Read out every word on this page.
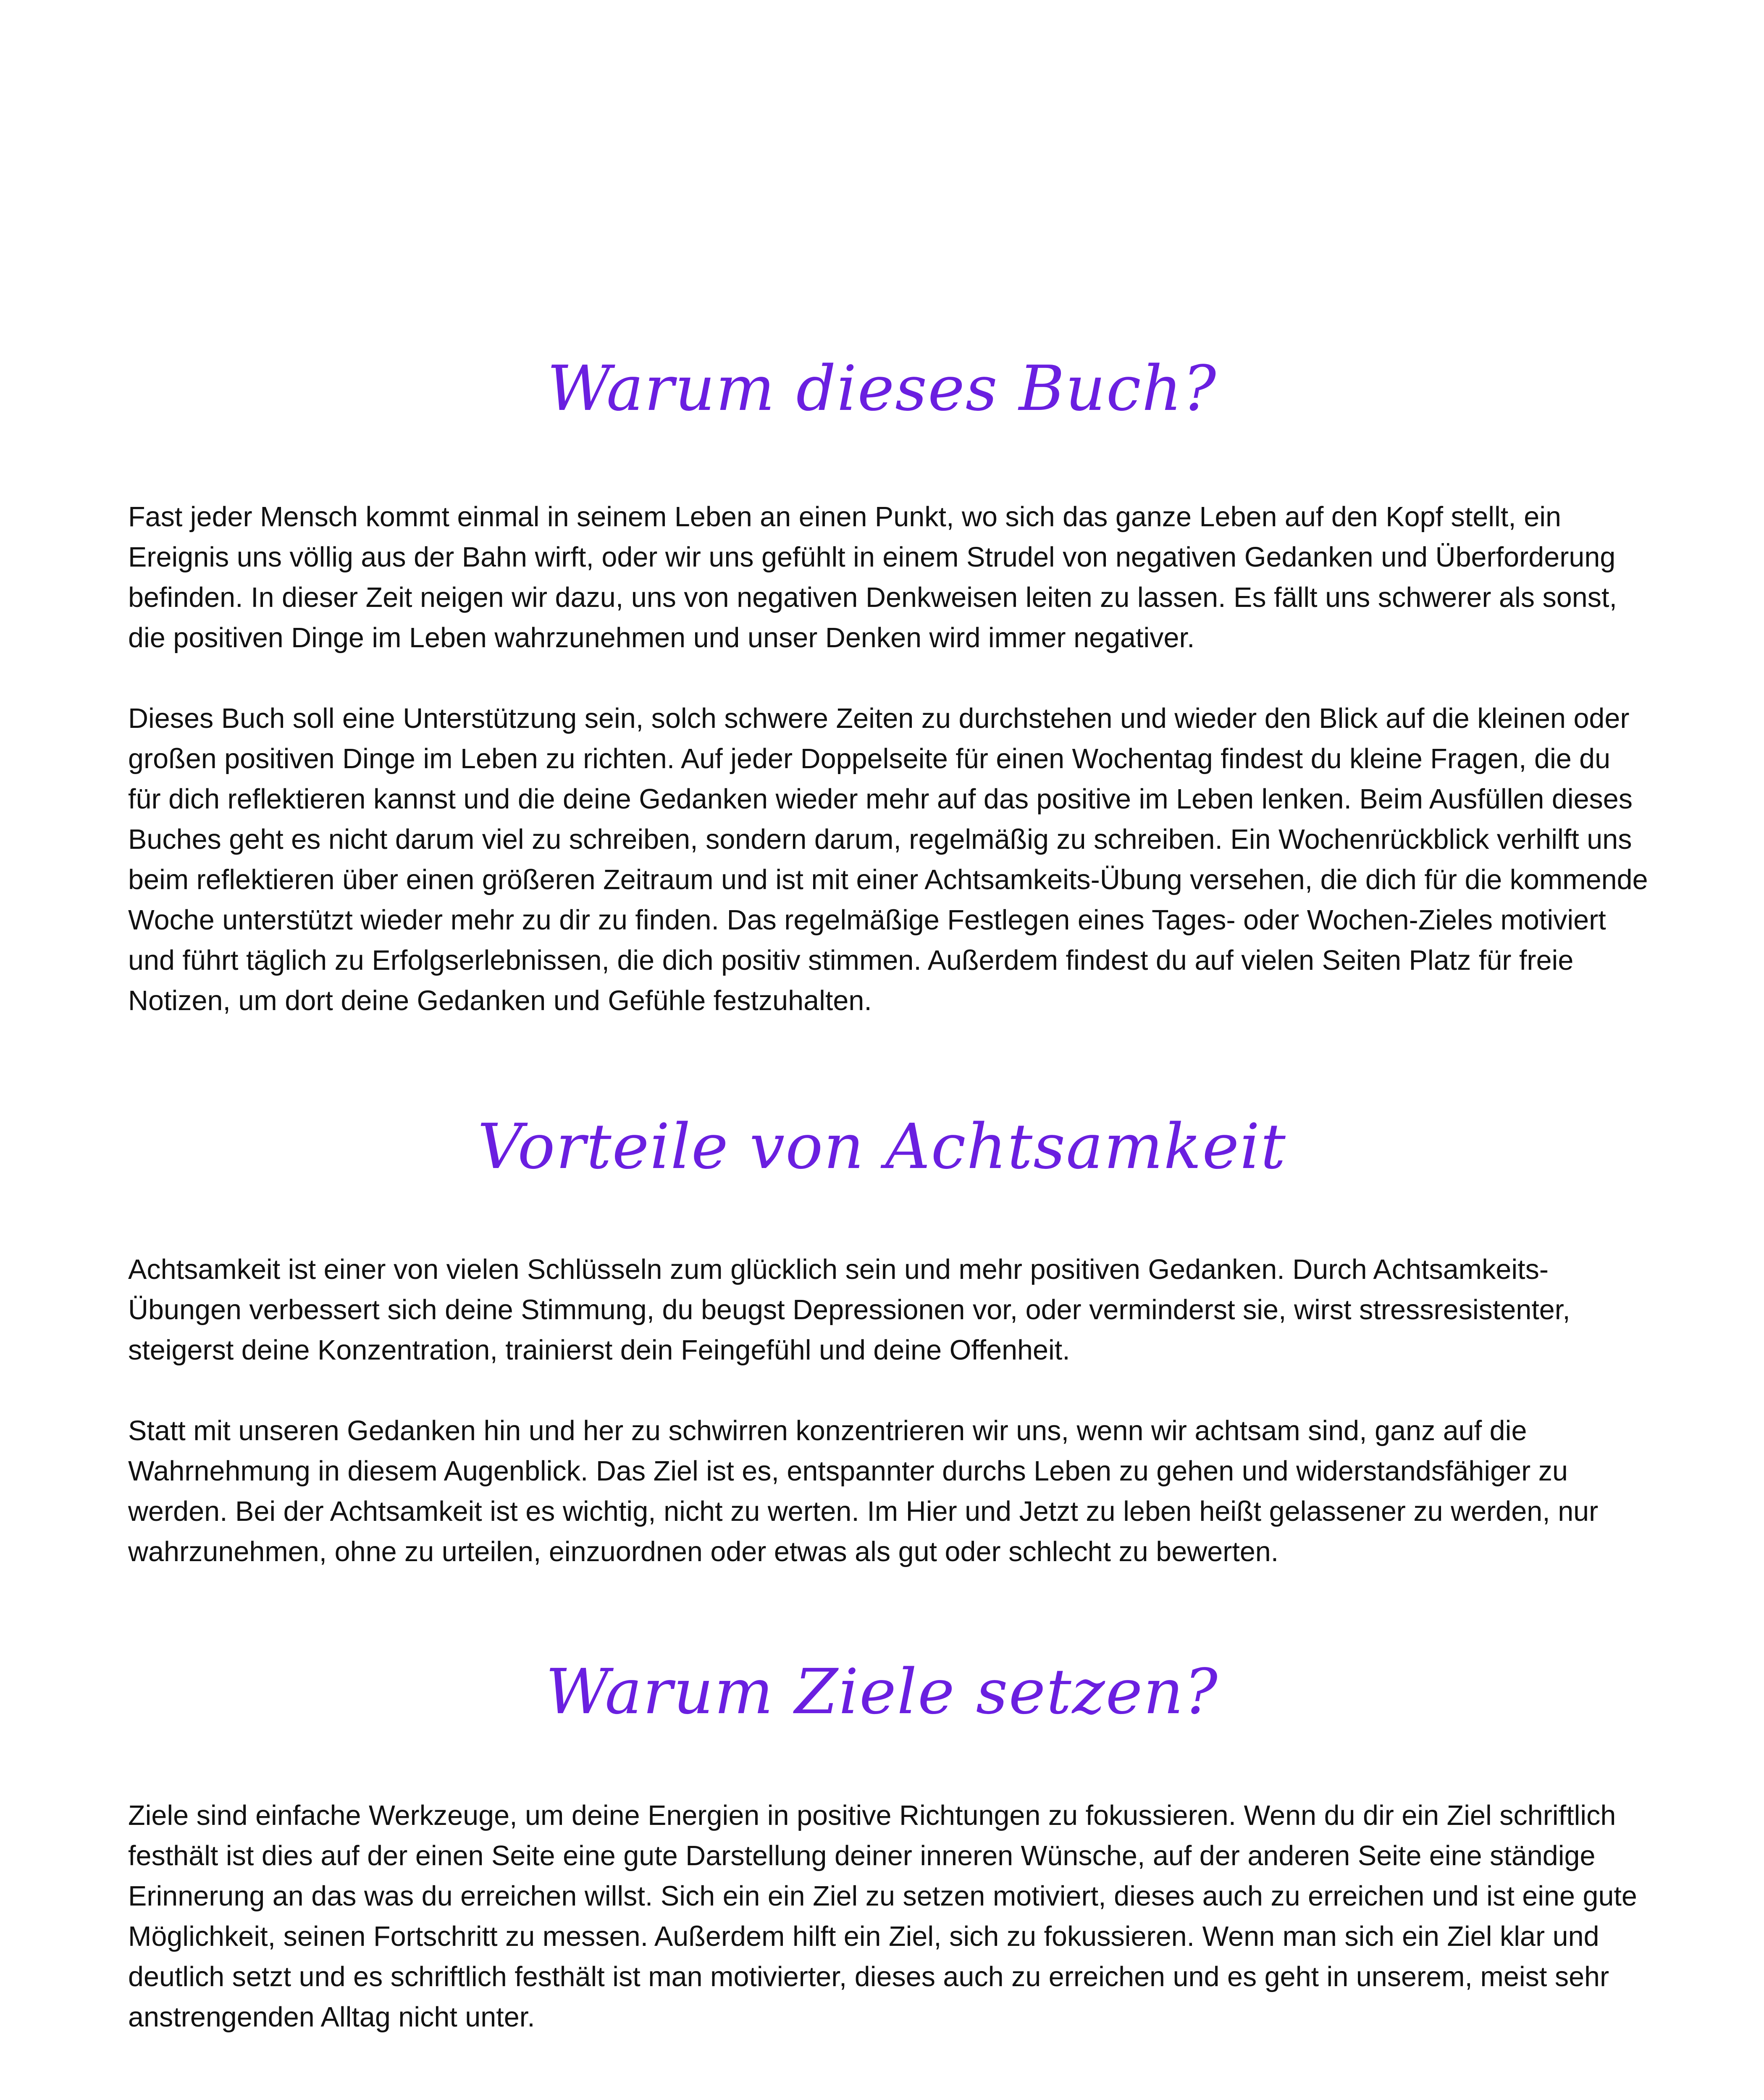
Warum dieses Buch?

Fast jeder Mensch kommt einmal in seinem Leben an einen Punkt, wo sich das ganze Leben auf den Kopf stellt, ein Ereignis uns völlig aus der Bahn wirft, oder wir uns gefühlt in einem Strudel von negativen Gedanken und Überforderung befinden. In dieser Zeit neigen wir dazu, uns von negativen Denkweisen leiten zu lassen. Es fällt uns schwerer als sonst, die positiven Dinge im Leben wahrzunehmen und unser Denken wird immer negativer.

Dieses Buch soll eine Unterstützung sein, solch schwere Zeiten zu durchstehen und wieder den Blick auf die kleinen oder großen positiven Dinge im Leben zu richten. Auf jeder Doppelseite für einen Wochentag findest du kleine Fragen, die du für dich reflektieren kannst und die deine Gedanken wieder mehr auf das positive im Leben lenken. Beim Ausfüllen dieses Buches geht es nicht darum viel zu schreiben, sondern darum, regelmäßig zu schreiben. Ein Wochenrückblick verhilft uns beim reflektieren über einen größeren Zeitraum und ist mit einer Achtsamkeits-Übung versehen, die dich für die kommende Woche unterstützt wieder mehr zu dir zu finden. Das regelmäßige Festlegen eines Tages- oder Wochen-Zieles motiviert und führt täglich zu Erfolgserlebnissen, die dich positiv stimmen. Außerdem findest du auf vielen Seiten Platz für freie Notizen, um dort deine Gedanken und Gefühle festzuhalten.

Vorteile von Achtsamkeit

Achtsamkeit ist einer von vielen Schlüsseln zum glücklich sein und mehr positiven Gedanken. Durch Achtsamkeits-Übungen verbessert sich deine Stimmung, du beugst Depressionen vor, oder verminderst sie, wirst stressresistenter, steigerst deine Konzentration, trainierst dein Feingefühl und deine Offenheit.

Statt mit unseren Gedanken hin und her zu schwirren konzentrieren wir uns, wenn wir achtsam sind, ganz auf die Wahrnehmung in diesem Augenblick. Das Ziel ist es, entspannter durchs Leben zu gehen und widerstandsfähiger zu werden. Bei der Achtsamkeit ist es wichtig, nicht zu werten. Im Hier und Jetzt zu leben heißt gelassener zu werden, nur wahrzunehmen, ohne zu urteilen, einzuordnen oder etwas als gut oder schlecht zu bewerten.

Warum Ziele setzen?

Ziele sind einfache Werkzeuge, um deine Energien in positive Richtungen zu fokussieren. Wenn du dir ein Ziel schriftlich festhält ist dies auf der einen Seite eine gute Darstellung deiner inneren Wünsche, auf der anderen Seite eine ständige Erinnerung an das was du erreichen willst. Sich ein ein Ziel zu setzen motiviert, dieses auch zu erreichen und ist eine gute Möglichkeit, seinen Fortschritt zu messen. Außerdem hilft ein Ziel, sich zu fokussieren. Wenn man sich ein Ziel klar und deutlich setzt und es schriftlich festhält ist man motivierter, dieses auch zu erreichen und es geht in unserem, meist sehr anstrengenden Alltag nicht unter.
